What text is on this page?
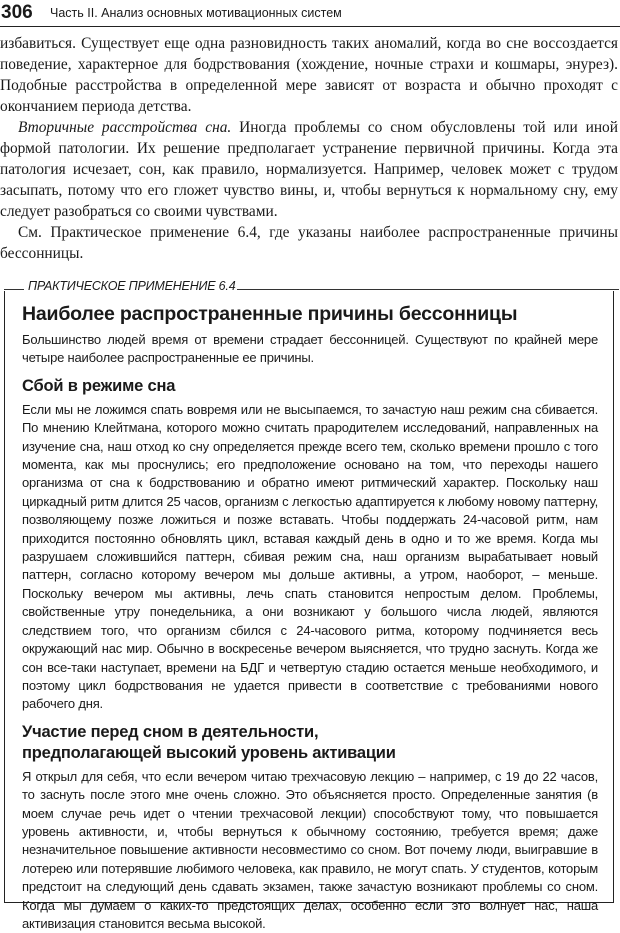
306 Часть II. Анализ основных мотивационных систем

избавиться. Существует еще одна разновидность таких аномалий, когда во сне воссоздается поведение, характерное для бодрствования (хождение, ночные страхи и кошмары, энурез). Подобные расстройства в определенной мере зависят от возраста и обычно проходят с окончанием периода детства.

Вторичные расстройства сна. Иногда проблемы со сном обусловлены той или иной формой патологии. Их решение предполагает устранение первичной причины. Когда эта патология исчезает, сон, как правило, нормализуется. Например, человек может с трудом засыпать, потому что его гложет чувство вины, и, чтобы вернуться к нормальному сну, ему следует разобраться со своими чувствами.

См. Практическое применение 6.4, где указаны наиболее распространенные причины бессонницы.

ПРАКТИЧЕСКОЕ ПРИМЕНЕНИЕ 6.4
Наиболее распространенные причины бессонницы

Большинство людей время от времени страдает бессонницей. Существуют по крайней мере четыре наиболее распространенные ее причины.

Сбой в режиме сна

Если мы не ложимся спать вовремя или не высыпаемся, то зачастую наш режим сна сбивается. По мнению Клейтмана, которого можно считать прародителем исследований, направленных на изучение сна, наш отход ко сну определяется прежде всего тем, сколько времени прошло с того момента, как мы проснулись; его предположение основано на том, что переходы нашего организма от сна к бодрствованию и обратно имеют ритмический характер. Поскольку наш циркадный ритм длится 25 часов, организм с легкостью адаптируется к любому новому паттерну, позволяющему позже ложиться и позже вставать. Чтобы поддержать 24-часовой ритм, нам приходится постоянно обновлять цикл, вставая каждый день в одно и то же время. Когда мы разрушаем сложившийся паттерн, сбивая режим сна, наш организм вырабатывает новый паттерн, согласно которому вечером мы дольше активны, а утром, наоборот, – меньше. Поскольку вечером мы активны, лечь спать становится непростым делом. Проблемы, свойственные утру понедельника, а они возникают у большого числа людей, являются следствием того, что организм сбился с 24-часового ритма, которому подчиняется весь окружающий нас мир. Обычно в воскресенье вечером выясняется, что трудно заснуть. Когда же сон все-таки наступает, времени на БДГ и четвертую стадию остается меньше необходимого, и поэтому цикл бодрствования не удается привести в соответствие с требованиями нового рабочего дня.

Участие перед сном в деятельности, предполагающей высокий уровень активации

Я открыл для себя, что если вечером читаю трехчасовую лекцию – например, с 19 до 22 часов, то заснуть после этого мне очень сложно. Это объясняется просто. Определенные занятия (в моем случае речь идет о чтении трехчасовой лекции) способствуют тому, что повышается уровень активности, и, чтобы вернуться к обычному состоянию, требуется время; даже незначительное повышение активности несовместимо со сном. Вот почему люди, выигравшие в лотерею или потерявшие любимого человека, как правило, не могут спать. У студентов, которым предстоит на следующий день сдавать экзамен, также зачастую возникают проблемы со сном. Когда мы думаем о каких-то предстоящих делах, особенно если это волнует нас, наша активизация становится весьма высокой.
